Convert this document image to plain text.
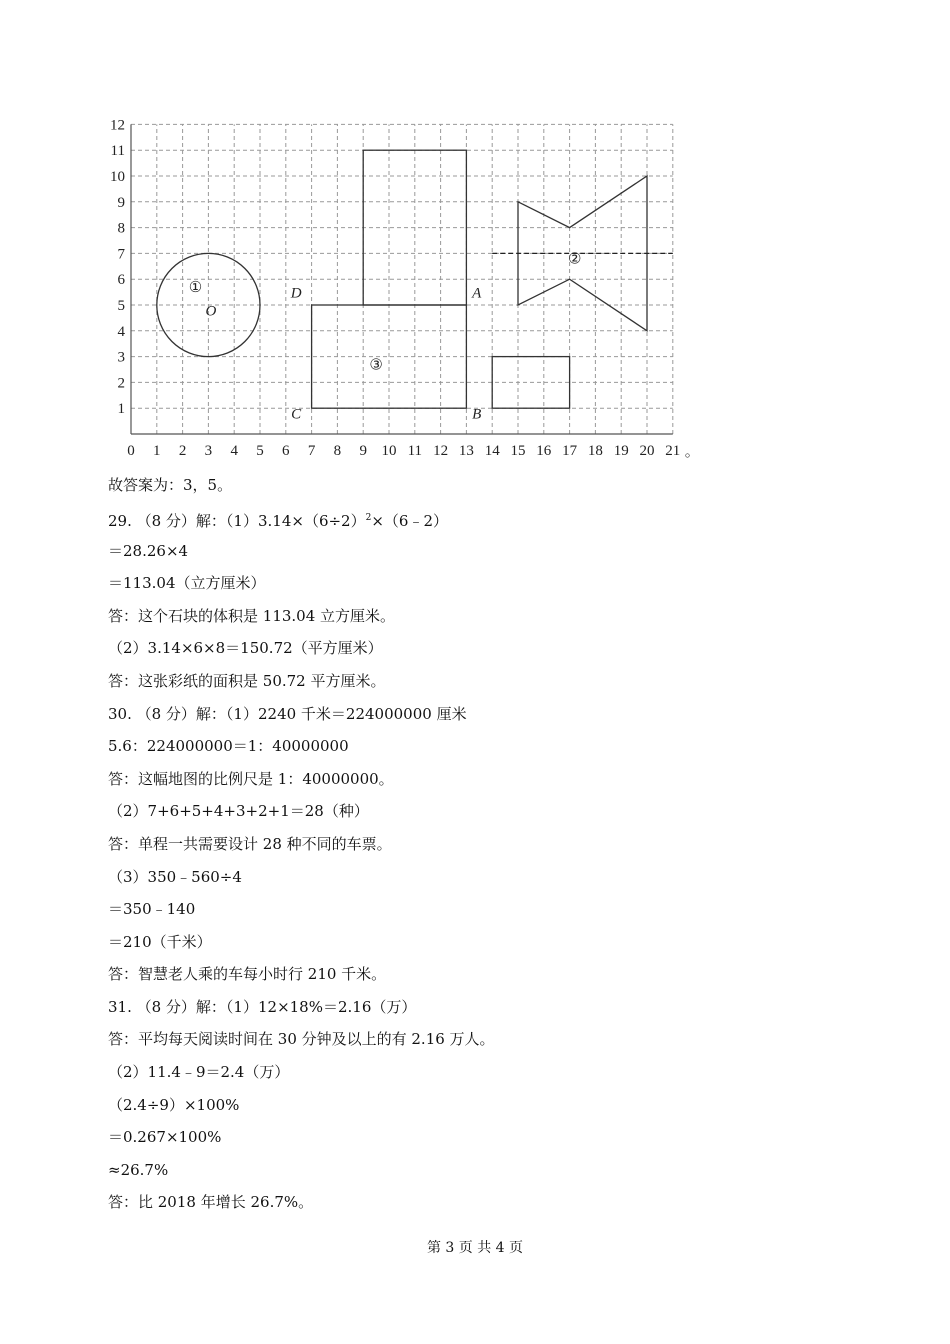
0 1 2 3 4 5 6 7 8 9 10 11 12 13 14 15 16 17 18 19 20 21
1
2
3
4
5
6
7
8
9
10
11
12
①
O
③
D	A
C	B
②
。
故答案为：3，5。
29. （8 分）解：$(1)3.14\times(6\div 2)^2\times(6﹣2)$
＝28.26×4
＝113.04（立方厘米）
答：这个石块的体积是 113.04 立方厘米。
（2）3.14×6×8＝150.72（平方厘米）
答：这张彩纸的面积是 50.72 平方厘米。
30. （8 分）解：（1）2240 千米＝224000000 厘米
5.6：224000000＝1：40000000
答：这幅地图的比例尺是 1：40000000。
（2）7+6+5+4+3+2+1＝28（种）
答：单程一共需要设计 28 种不同的车票。
（3）350﹣560÷4
＝350﹣140
＝210（千米）
答：智慧老人乘的车每小时行 210 千米。
31. （8 分）解：（1）12×18%＝2.16（万）
答：平均每天阅读时间在 30 分钟及以上的有 2.16 万人。
（2）11.4﹣9＝2.4（万）
（2.4÷9）×100%
＝0.267×100%
≈26.7%
答：比 2018 年增长 26.7%。
第 3 页 共 4 页
